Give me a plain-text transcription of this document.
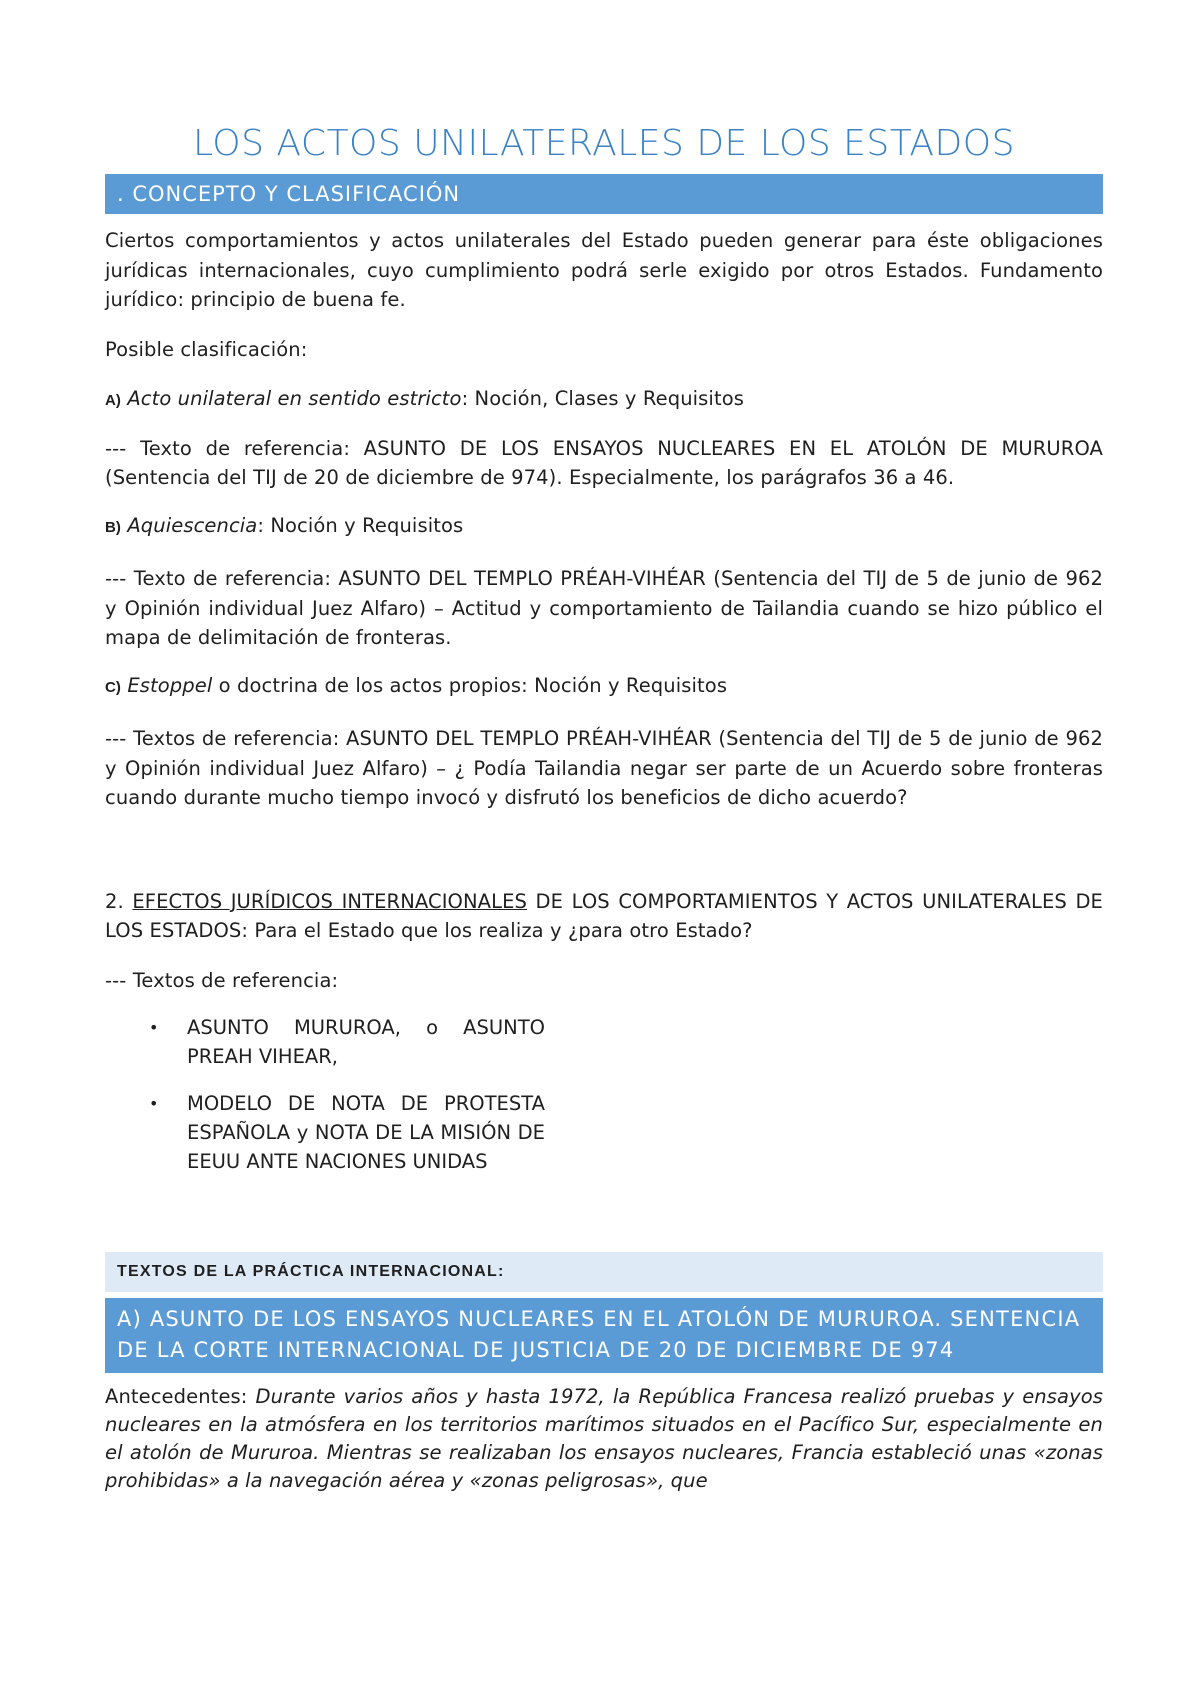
LOS ACTOS UNILATERALES DE LOS ESTADOS
. CONCEPTO Y CLASIFICACIÓN

Ciertos comportamientos y actos unilaterales del Estado pueden generar para éste obligaciones jurídicas internacionales, cuyo cumplimiento podrá serle exigido por otros Estados. Fundamento jurídico: principio de buena fe.

Posible clasificación:

A) Acto unilateral en sentido estricto: Noción, Clases y Requisitos

--- Texto de referencia: ASUNTO DE LOS ENSAYOS NUCLEARES EN EL ATOLÓN DE MURUROA (Sentencia del TIJ de 20 de diciembre de 974). Especialmente, los parágrafos 36 a 46.

B) Aquiescencia: Noción y Requisitos

--- Texto de referencia: ASUNTO DEL TEMPLO PRÉAH-VIHÉAR (Sentencia del TIJ de 5 de junio de 962 y Opinión individual Juez Alfaro) – Actitud y comportamiento de Tailandia cuando se hizo público el mapa de delimitación de fronteras.

C) Estoppel o doctrina de los actos propios: Noción y Requisitos

--- Textos de referencia: ASUNTO DEL TEMPLO PRÉAH-VIHÉAR (Sentencia del TIJ de 5 de junio de 962 y Opinión individual Juez Alfaro) – ¿ Podía Tailandia negar ser parte de un Acuerdo sobre fronteras cuando durante mucho tiempo invocó y disfrutó los beneficios de dicho acuerdo?

2. EFECTOS JURÍDICOS INTERNACIONALES DE LOS COMPORTAMIENTOS Y ACTOS UNILATERALES DE LOS ESTADOS: Para el Estado que los realiza y ¿para otro Estado?

--- Textos de referencia:

• ASUNTO MURUROA, o ASUNTO PREAH VIHEAR,
• MODELO DE NOTA DE PROTESTA ESPAÑOLA y NOTA DE LA MISIÓN DE EEUU ANTE NACIONES UNIDAS
TEXTOS DE LA PRÁCTICA INTERNACIONAL:
A) ASUNTO DE LOS ENSAYOS NUCLEARES EN EL ATOLÓN DE MURUROA. SENTENCIA DE LA CORTE INTERNACIONAL DE JUSTICIA DE 20 DE DICIEMBRE DE 974

Antecedentes: Durante varios años y hasta 1972, la República Francesa realizó pruebas y ensayos nucleares en la atmósfera en los territorios marítimos situados en el Pacífico Sur, especialmente en el atolón de Mururoa. Mientras se realizaban los ensayos nucleares, Francia estableció unas «zonas prohibidas» a la navegación aérea y «zonas peligrosas», que
